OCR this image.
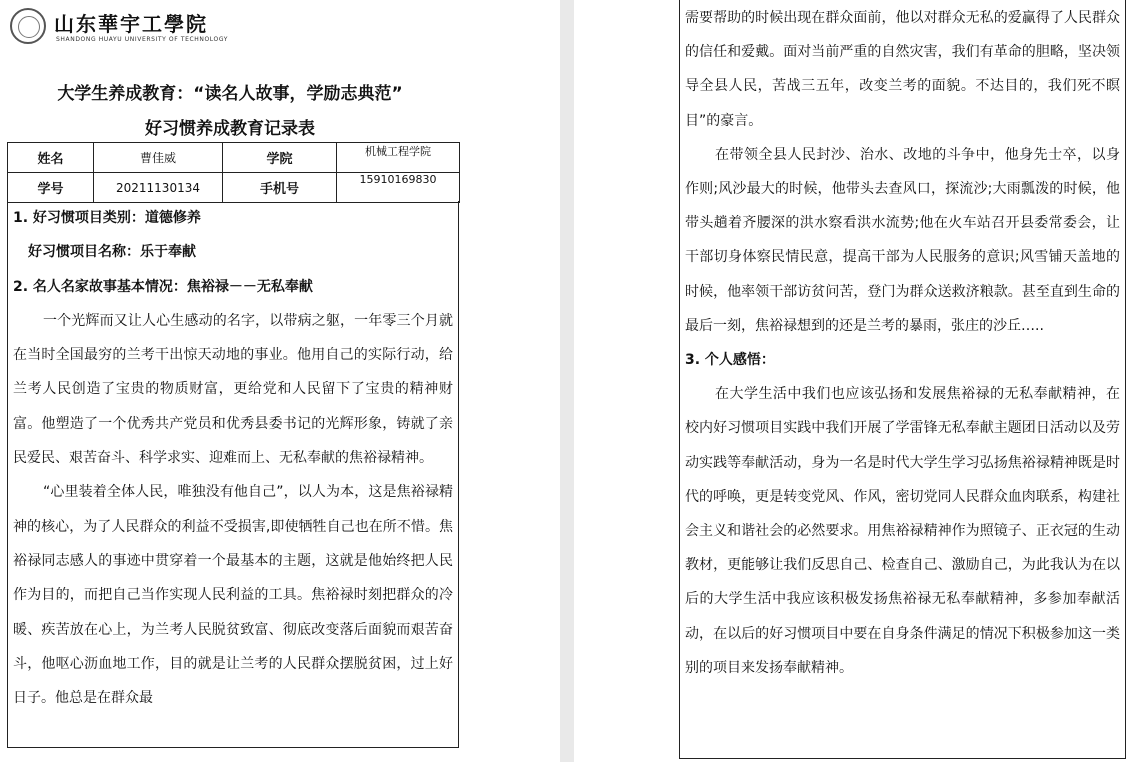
山东華宇工學院
SHANDONG HUAYU UNIVERSITY OF TECHNOLOGY
大学生养成教育：“读名人故事，学励志典范”
好习惯养成教育记录表
姓名	曹佳威	学院	机械工程学院
学号	20211130134	手机号	15910169830

1. 好习惯项目类别：道德修养

好习惯项目名称：乐于奉献

2. 名人名家故事基本情况：焦裕禄－－无私奉献

一个光辉而又让人心生感动的名字，以带病之躯，一年零三个月就在当时全国最穷的兰考干出惊天动地的事业。他用自己的实际行动，给兰考人民创造了宝贵的物质财富，更给党和人民留下了宝贵的精神财富。他塑造了一个优秀共产党员和优秀县委书记的光辉形象，铸就了亲民爱民、艰苦奋斗、科学求实、迎难而上、无私奉献的焦裕禄精神。

“心里装着全体人民，唯独没有他自己”，以人为本，这是焦裕禄精神的核心，为了人民群众的利益不受损害,即使牺牲自己也在所不惜。焦裕禄同志感人的事迹中贯穿着一个最基本的主题，这就是他始终把人民作为目的，而把自己当作实现人民利益的工具。焦裕禄时刻把群众的冷暖、疾苦放在心上，为兰考人民脱贫致富、彻底改变落后面貌而艰苦奋斗，他呕心沥血地工作，目的就是让兰考的人民群众摆脱贫困，过上好日子。他总是在群众最

需要帮助的时候出现在群众面前，他以对群众无私的爱赢得了人民群众的信任和爱戴。面对当前严重的自然灾害，我们有革命的胆略，坚决领导全县人民，苦战三五年，改变兰考的面貌。不达目的，我们死不瞑目”的豪言。

在带领全县人民封沙、治水、改地的斗争中，他身先士卒，以身作则;风沙最大的时候，他带头去查风口，探流沙;大雨瓢泼的时候，他带头趟着齐腰深的洪水察看洪水流势;他在火车站召开县委常委会，让干部切身体察民情民意，提高干部为人民服务的意识;风雪铺天盖地的时候，他率领干部访贫问苦，登门为群众送救济粮款。甚至直到生命的最后一刻，焦裕禄想到的还是兰考的暴雨，张庄的沙丘…..

3. 个人感悟：

在大学生活中我们也应该弘扬和发展焦裕禄的无私奉献精神，在校内好习惯项目实践中我们开展了学雷锋无私奉献主题团日活动以及劳动实践等奉献活动，身为一名是时代大学生学习弘扬焦裕禄精神既是时代的呼唤，更是转变党风、作风，密切党同人民群众血肉联系，构建社会主义和谐社会的必然要求。用焦裕禄精神作为照镜子、正衣冠的生动教材，更能够让我们反思自己、检查自己、激励自己，为此我认为在以后的大学生活中我应该积极发扬焦裕禄无私奉献精神，多参加奉献活动，在以后的好习惯项目中要在自身条件满足的情况下积极参加这一类别的项目来发扬奉献精神。
